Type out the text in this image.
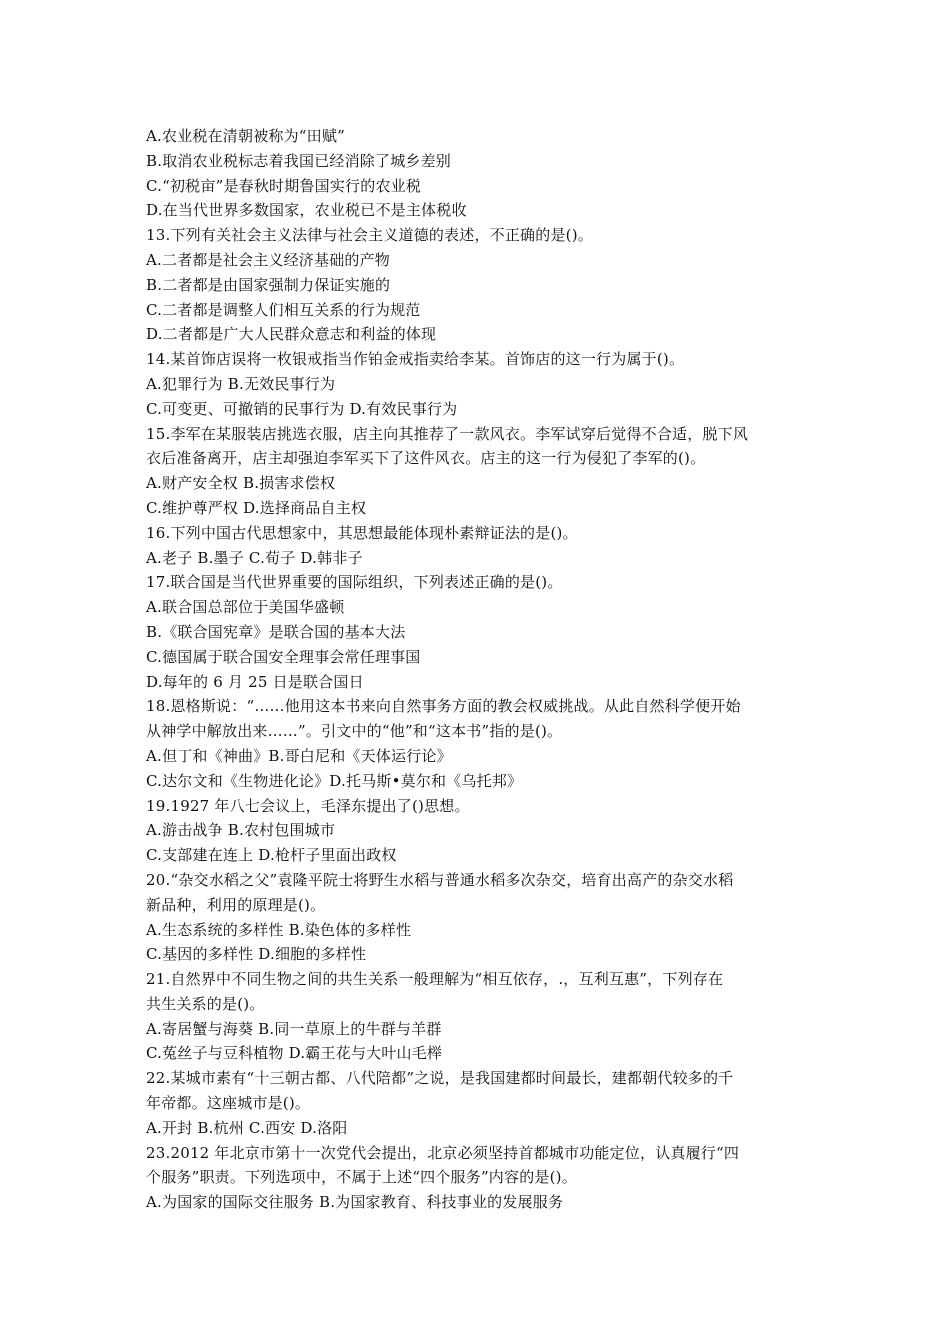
A.农业税在清朝被称为“田赋”
B.取消农业税标志着我国已经消除了城乡差别
C.“初税亩”是春秋时期鲁国实行的农业税
D.在当代世界多数国家，农业税已不是主体税收
13.下列有关社会主义法律与社会主义道德的表述，不正确的是()。
A.二者都是社会主义经济基础的产物
B.二者都是由国家强制力保证实施的
C.二者都是调整人们相互关系的行为规范
D.二者都是广大人民群众意志和利益的体现
14.某首饰店误将一枚银戒指当作铂金戒指卖给李某。首饰店的这一行为属于()。
A.犯罪行为 B.无效民事行为
C.可变更、可撤销的民事行为 D.有效民事行为
15.李军在某服装店挑选衣服，店主向其推荐了一款风衣。李军试穿后觉得不合适，脱下风
衣后准备离开，店主却强迫李军买下了这件风衣。店主的这一行为侵犯了李军的()。
A.财产安全权 B.损害求偿权
C.维护尊严权 D.选择商品自主权
16.下列中国古代思想家中，其思想最能体现朴素辩证法的是()。
A.老子 B.墨子 C.荀子 D.韩非子
17.联合国是当代世界重要的国际组织，下列表述正确的是()。
A.联合国总部位于美国华盛顿
B.《联合国宪章》是联合国的基本大法
C.德国属于联合国安全理事会常任理事国
D.每年的 6 月 25 日是联合国日
18.恩格斯说：“……他用这本书来向自然事务方面的教会权威挑战。从此自然科学便开始
从神学中解放出来……”。引文中的“他”和“这本书”指的是()。
A.但丁和《神曲》B.哥白尼和《天体运行论》
C.达尔文和《生物进化论》D.托马斯•莫尔和《乌托邦》
19.1927 年八七会议上，毛泽东提出了()思想。
A.游击战争 B.农村包围城市
C.支部建在连上 D.枪杆子里面出政权
20.“杂交水稻之父”袁隆平院士将野生水稻与普通水稻多次杂交，培育出高产的杂交水稻
新品种，利用的原理是()。
A.生态系统的多样性 B.染色体的多样性
C.基因的多样性 D.细胞的多样性
21.自然界中不同生物之间的共生关系一般理解为“相互依存，.，互利互惠”，下列存在
共生关系的是()。
A.寄居蟹与海葵 B.同一草原上的牛群与羊群
C.菟丝子与豆科植物 D.霸王花与大叶山毛榉
22.某城市素有“十三朝古都、八代陪都”之说，是我国建都时间最长，建都朝代较多的千
年帝都。这座城市是()。
A.开封 B.杭州 C.西安 D.洛阳
23.2012 年北京市第十一次党代会提出，北京必须坚持首都城市功能定位，认真履行“四
个服务”职责。下列选项中，不属于上述“四个服务”内容的是()。
A.为国家的国际交往服务 B.为国家教育、科技事业的发展服务
